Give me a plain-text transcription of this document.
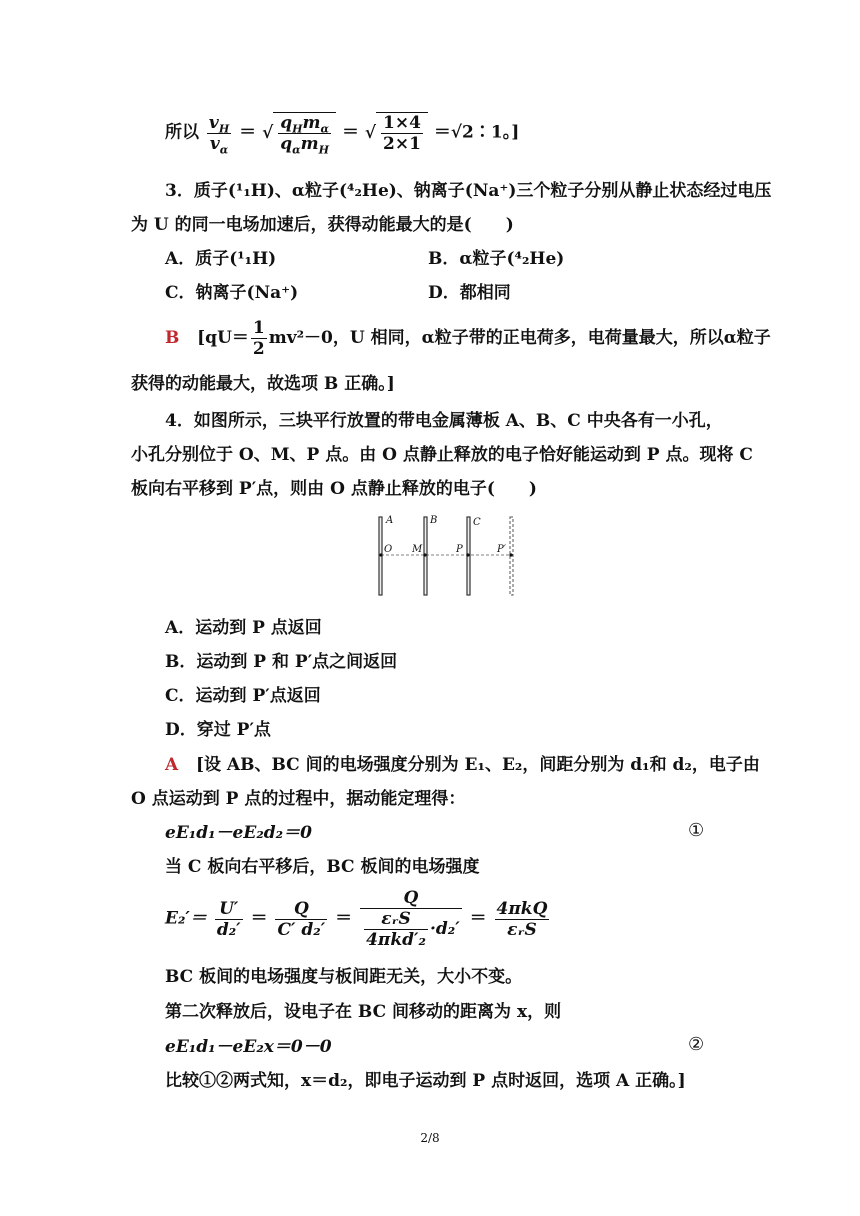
所以 $\frac{v_H}{v_\alpha}$ ＝ √ $\frac{q_Hm_\alpha}{q_\alpha m_H}$ ＝ √ $\frac{1\times 4}{2\times 1}$ ＝√2∶1。]
3．质子(¹₁H)、α粒子(⁴₂He)、钠离子(Na⁺)三个粒子分别从静止状态经过电压
为 U 的同一电场加速后，获得动能最大的是(　　)
A．质子(¹₁H)	B．α粒子(⁴₂He)
C．钠离子(Na⁺)	D．都相同
B [$qU= \frac{1}{2} mv^2-0$，U 相同，α粒子带的正电荷多，电荷量最大，所以α粒子
获得的动能最大，故选项 B 正确。]
4．如图所示，三块平行放置的带电金属薄板 A、B、C 中央各有一小孔，
小孔分别位于 O、M、P 点。由 O 点静止释放的电子恰好能运动到 P 点。现将 C
板向右平移到 P′点，则由 O 点静止释放的电子(　　)
A	B	C
O M	P	P′
A．运动到 P 点返回
B．运动到 P 和 P′点之间返回
C．运动到 P′点返回
D．穿过 P′点
A [设 AB、BC 间的电场强度分别为 E₁、E₂，间距分别为 d₁和 d₂，电子由
O 点运动到 P 点的过程中，据动能定理得：
eE₁d₁－eE₂d₂＝0	①
当 C 板向右平移后，BC 板间的电场强度
$E_2'= \frac{U'}{\text{d₂′}} = \frac{Q}{\text{C′ d₂′}} = \frac{Q}{\frac{\text{εᵣS}}{\text{4πkd′₂}} \cdot d_2'} = \frac{\text{4πkQ}}{\text{εᵣS}}$
BC 板间的电场强度与板间距无关，大小不变。
第二次释放后，设电子在 BC 间移动的距离为 x，则
eE₁d₁－eE₂x＝0－0	②
比较①②两式知，x＝d₂，即电子运动到 P 点时返回，选项 A 正确。]
2/8
